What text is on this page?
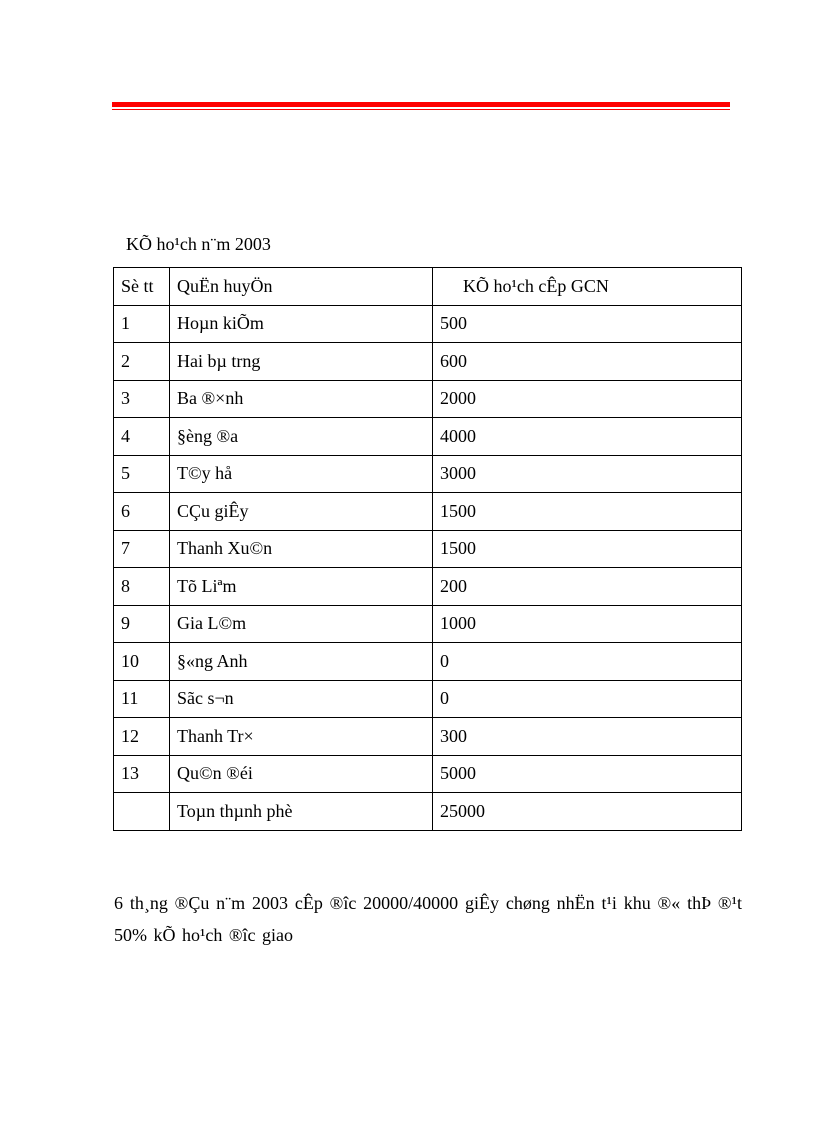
KÕ ho¹ch n¨m 2003
Sè tt	QuËn huyÖn	KÕ ho¹ch cÊp GCN
1	Hoµn kiÕm	500
2	Hai bµ trng	600
3	Ba ®×nh	2000
4	§èng ®a	4000
5	T©y hå	3000
6	CÇu giÊy	1500
7	Thanh Xu©n	1500
8	Tõ Liªm	200
9	Gia L©m	1000
10	§«ng Anh	0
11	Sãc s¬n	0
12	Thanh Tr×	300
13	Qu©n ®éi	5000
	Toµn thµnh phè	25000

6 th¸ng ®Çu n¨m 2003 cÊp ®îc 20000/40000 giÊy chøng nhËn t¹i khu ®« thÞ ®¹t 50% kÕ ho¹ch ®îc giao
